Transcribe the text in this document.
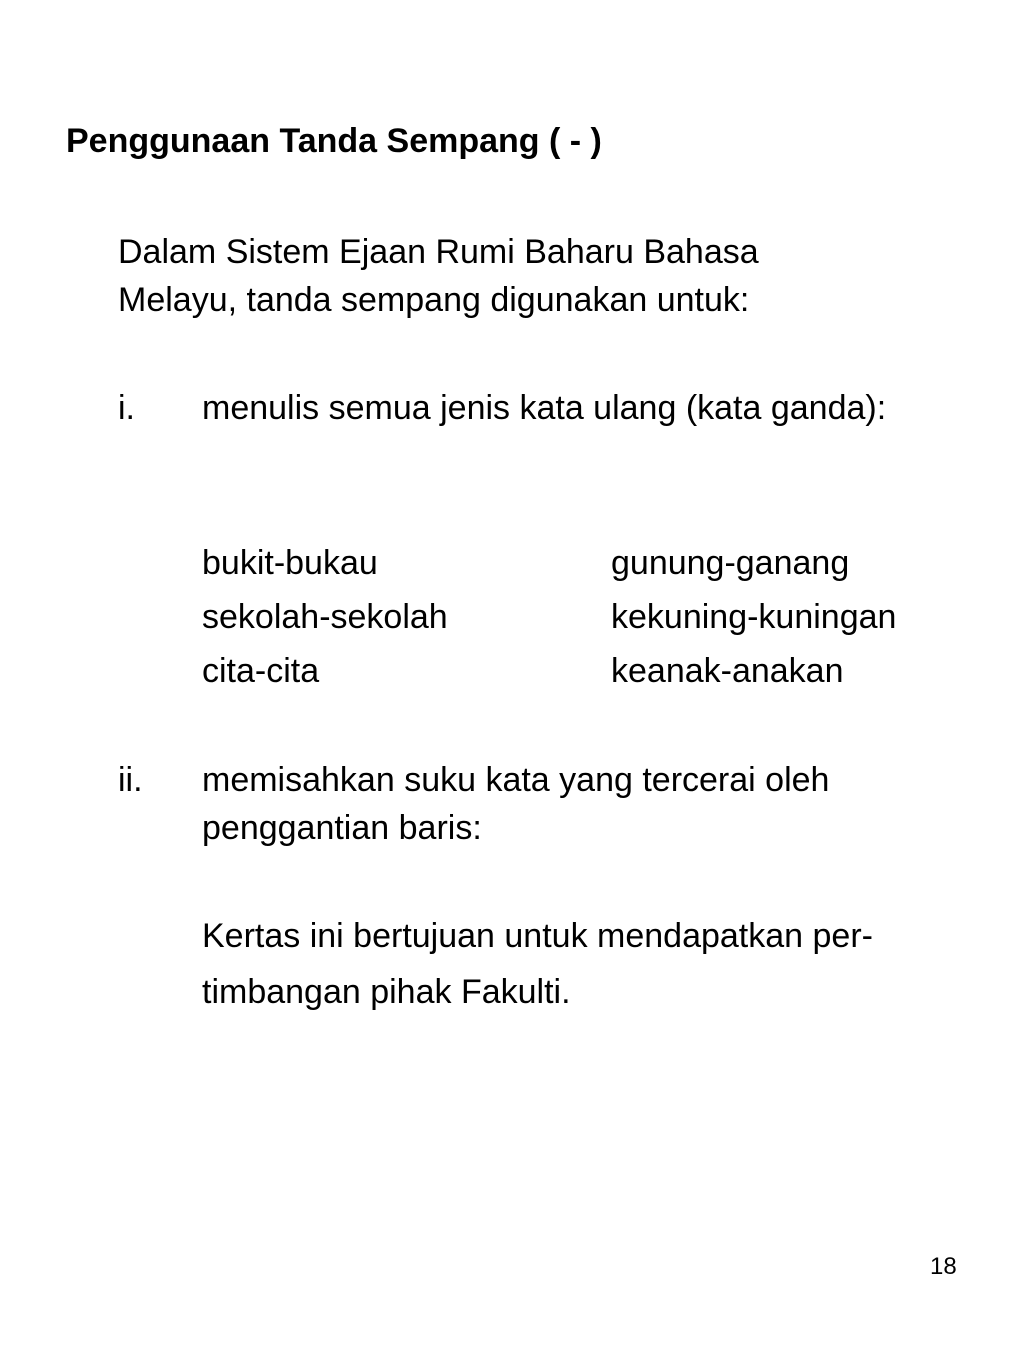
Penggunaan Tanda Sempang ( - )

Dalam Sistem Ejaan Rumi Baharu Bahasa Melayu, tanda sempang digunakan untuk:

i. menulis semua jenis kata ulang (kata ganda):

bukit-bukau	gunung-ganang
sekolah-sekolah	kekuning-kuningan
cita-cita	keanak-anakan

ii. memisahkan suku kata yang tercerai oleh penggantian baris:

Kertas ini bertujuan untuk mendapatkan per-
timbangan pihak Fakulti.

18
